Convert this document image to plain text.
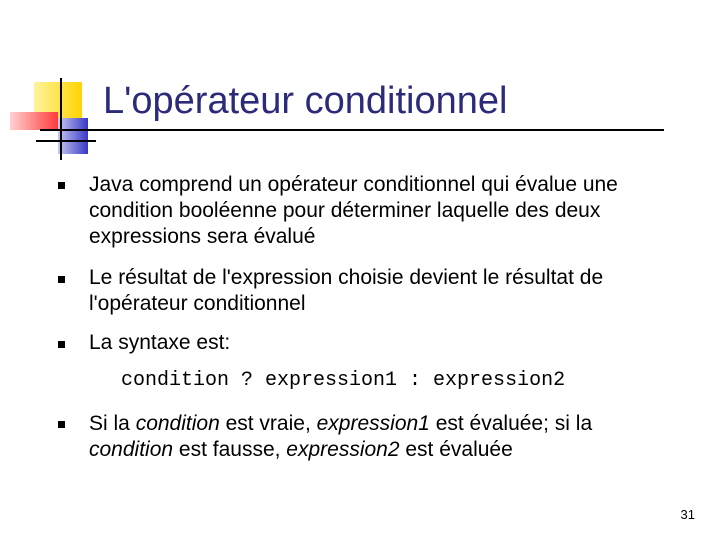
L'opérateur conditionnel
Java comprend un opérateur conditionnel qui évalue une condition booléenne pour déterminer laquelle des deux expressions sera évalué
Le résultat de l'expression choisie devient le résultat de l'opérateur conditionnel
La syntaxe est:
condition ? expression1 : expression2
Si la condition est vraie, expression1 est évaluée; si la
condition est fausse, expression2 est évaluée
31
